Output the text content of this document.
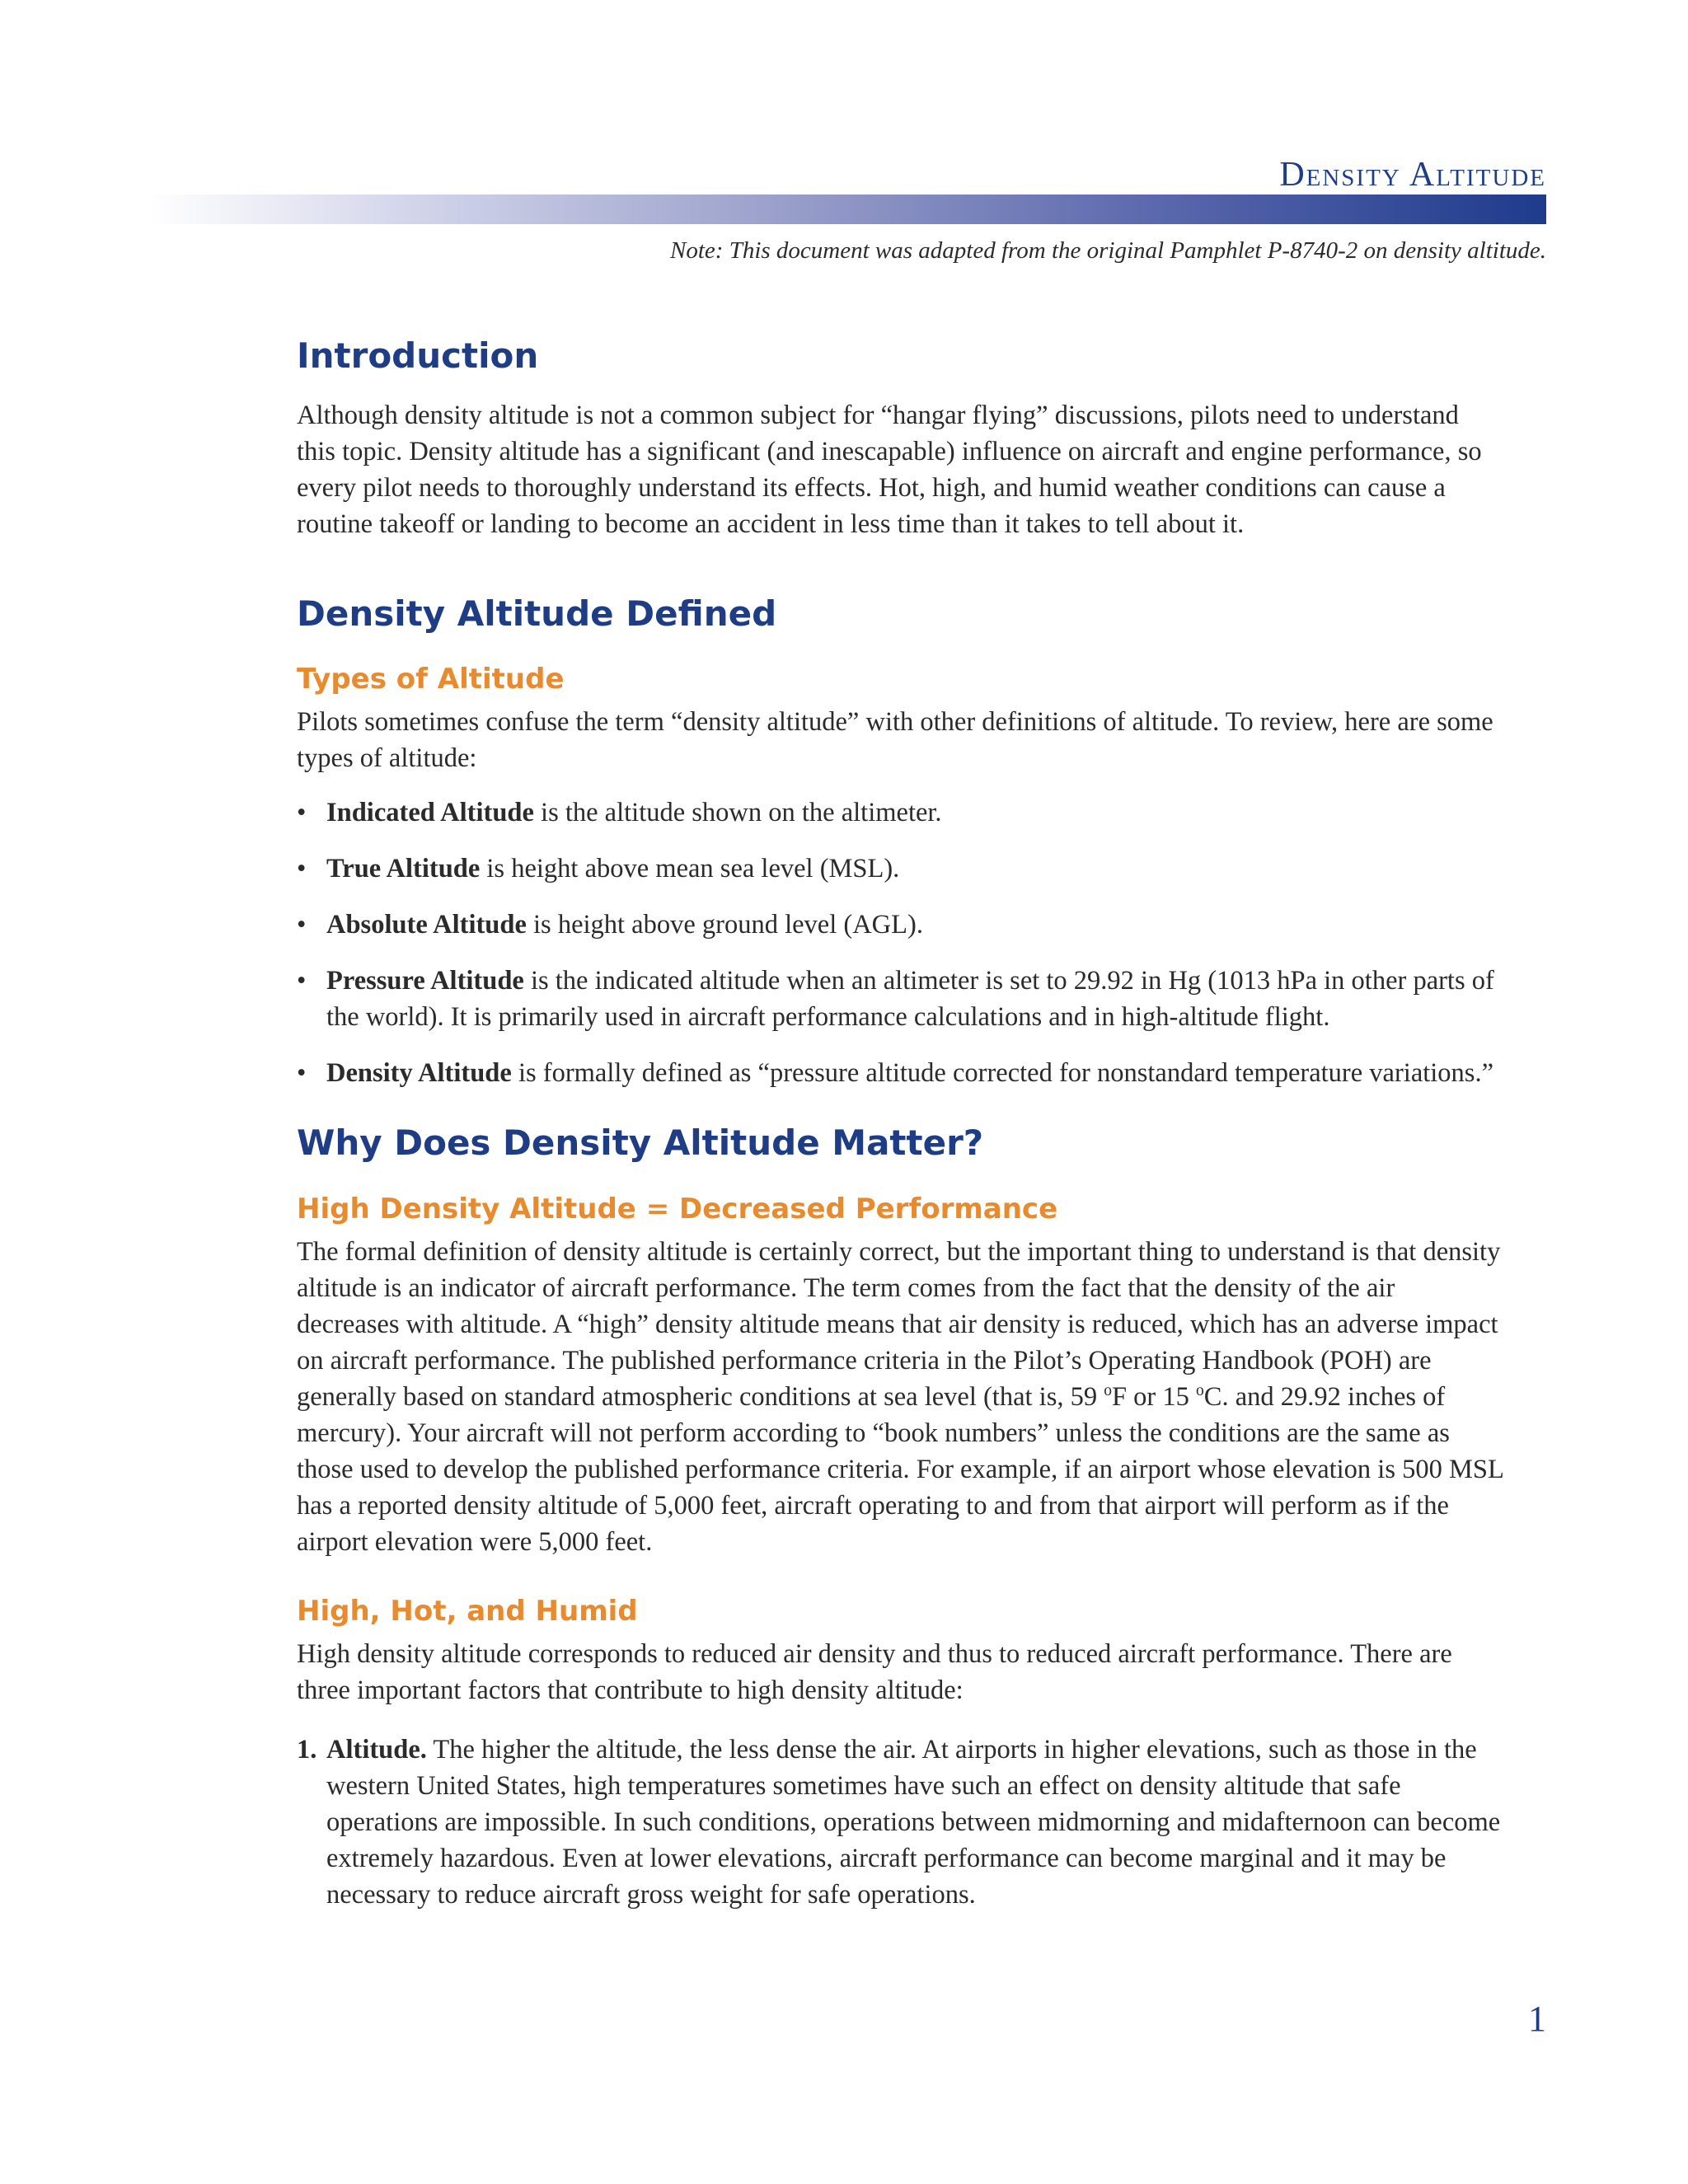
Density Altitude

Note: This document was adapted from the original Pamphlet P-8740-2 on density altitude.

Introduction

Although density altitude is not a common subject for “hangar flying” discussions, pilots need to understand this topic. Density altitude has a significant (and inescapable) influence on aircraft and engine performance, so every pilot needs to thoroughly understand its effects. Hot, high, and humid weather conditions can cause a routine takeoff or landing to become an accident in less time than it takes to tell about it.

Density Altitude Defined
Types of Altitude

Pilots sometimes confuse the term “density altitude” with other definitions of altitude. To review, here are some types of altitude:

• Indicated Altitude is the altitude shown on the altimeter.
• True Altitude is height above mean sea level (MSL).
• Absolute Altitude is height above ground level (AGL).
• Pressure Altitude is the indicated altitude when an altimeter is set to 29.92 in Hg (1013 hPa in other parts of the world). It is primarily used in aircraft performance calculations and in high-altitude flight.
• Density Altitude is formally defined as “pressure altitude corrected for nonstandard temperature variations.”
Why Does Density Altitude Matter?
High Density Altitude = Decreased Performance

The formal definition of density altitude is certainly correct, but the important thing to understand is that density altitude is an indicator of aircraft performance. The term comes from the fact that the density of the air decreases with altitude. A “high” density altitude means that air density is reduced, which has an adverse impact on aircraft performance. The published performance criteria in the Pilot’s Operating Handbook (POH) are generally based on standard atmospheric conditions at sea level (that is, 59 $^o$F or 15 $^o$C. and 29.92 inches of mercury). Your aircraft will not perform according to “book numbers” unless the conditions are the same as those used to develop the published performance criteria. For example, if an airport whose elevation is 500 MSL has a reported density altitude of 5,000 feet, aircraft operating to and from that airport will perform as if the airport elevation were 5,000 feet.

High, Hot, and Humid

High density altitude corresponds to reduced air density and thus to reduced aircraft performance. There are three important factors that contribute to high density altitude:

1. Altitude. The higher the altitude, the less dense the air. At airports in higher elevations, such as those in the western United States, high temperatures sometimes have such an effect on density altitude that safe operations are impossible. In such conditions, operations between midmorning and midafternoon can become extremely hazardous. Even at lower elevations, aircraft performance can become marginal and it may be necessary to reduce aircraft gross weight for safe operations.

1
